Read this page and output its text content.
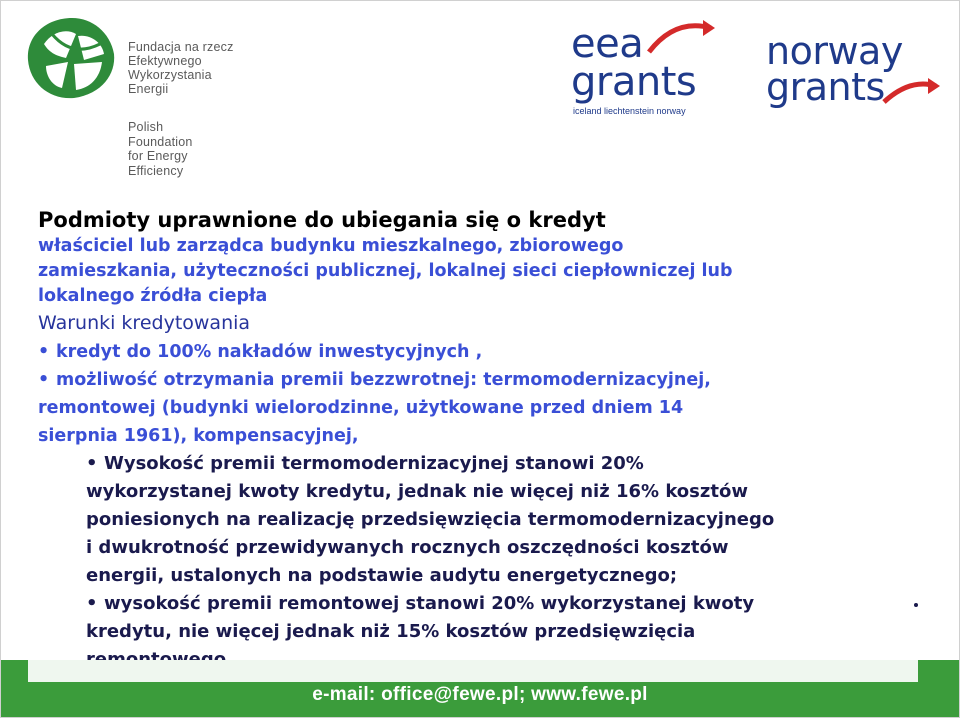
Fundacja na rzecz
Efektywnego
Wykorzystania
Energii
Polish
Foundation
for Energy
Efficiency
eea
grants
iceland liechtenstein norway
norway
grants
Podmioty uprawnione do ubiegania się o kredyt
właściciel lub zarządca budynku mieszkalnego, zbiorowego
zamieszkania, użyteczności publicznej, lokalnej sieci ciepłowniczej lub
lokalnego źródła ciepła
Warunki kredytowania
• kredyt do 100% nakładów inwestycyjnych ,
• możliwość otrzymania premii bezzwrotnej: termomodernizacyjnej,
remontowej (budynki wielorodzinne, użytkowane przed dniem 14
sierpnia 1961), kompensacyjnej,
• Wysokość premii termomodernizacyjnej stanowi 20%
wykorzystanej kwoty kredytu, jednak nie więcej niż 16% kosztów
poniesionych na realizację przedsięwzięcia termomodernizacyjnego
i dwukrotność przewidywanych rocznych oszczędności kosztów
energii, ustalonych na podstawie audytu energetycznego;
• wysokość premii remontowej stanowi 20% wykorzystanej kwoty
kredytu, nie więcej jednak niż 15% kosztów przedsięwzięcia
e-mail: office@fewe.pl; www.fewe.pl
